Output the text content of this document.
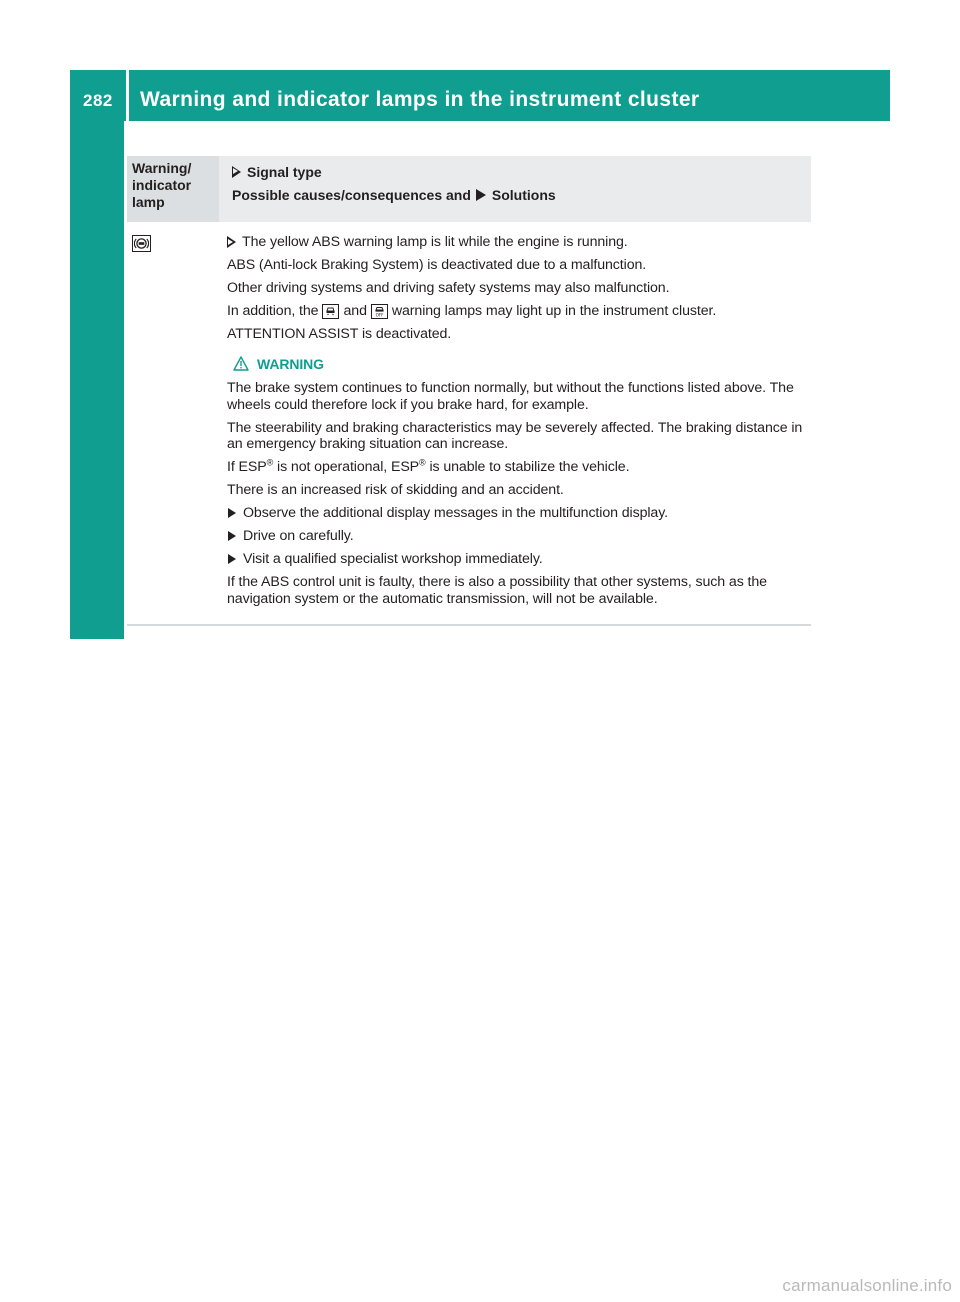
282 Warning and indicator lamps in the instrument cluster
On-board computer and displays
Warning/
indicator
lamp
Signal type
Possible causes/consequences and Solutions

The yellow ABS warning lamp is lit while the engine is running.

ABS (Anti-lock Braking System) is deactivated due to a malfunction.

Other driving systems and driving safety systems may also malfunction.

In addition, the and OFF warning lamps may light up in the instrument cluster.

ATTENTION ASSIST is deactivated.

WARNING

The brake system continues to function normally, but without the functions listed above. The wheels could therefore lock if you brake hard, for example.

The steerability and braking characteristics may be severely affected. The braking distance in an emergency braking situation can increase.

If ESP® is not operational, ESP® is unable to stabilize the vehicle.

There is an increased risk of skidding and an accident.

Observe the additional display messages in the multifunction display.
Drive on carefully.
Visit a qualified specialist workshop immediately.

If the ABS control unit is faulty, there is also a possibility that other systems, such as the navigation system or the automatic transmission, will not be available.

carmanualsonline.info
